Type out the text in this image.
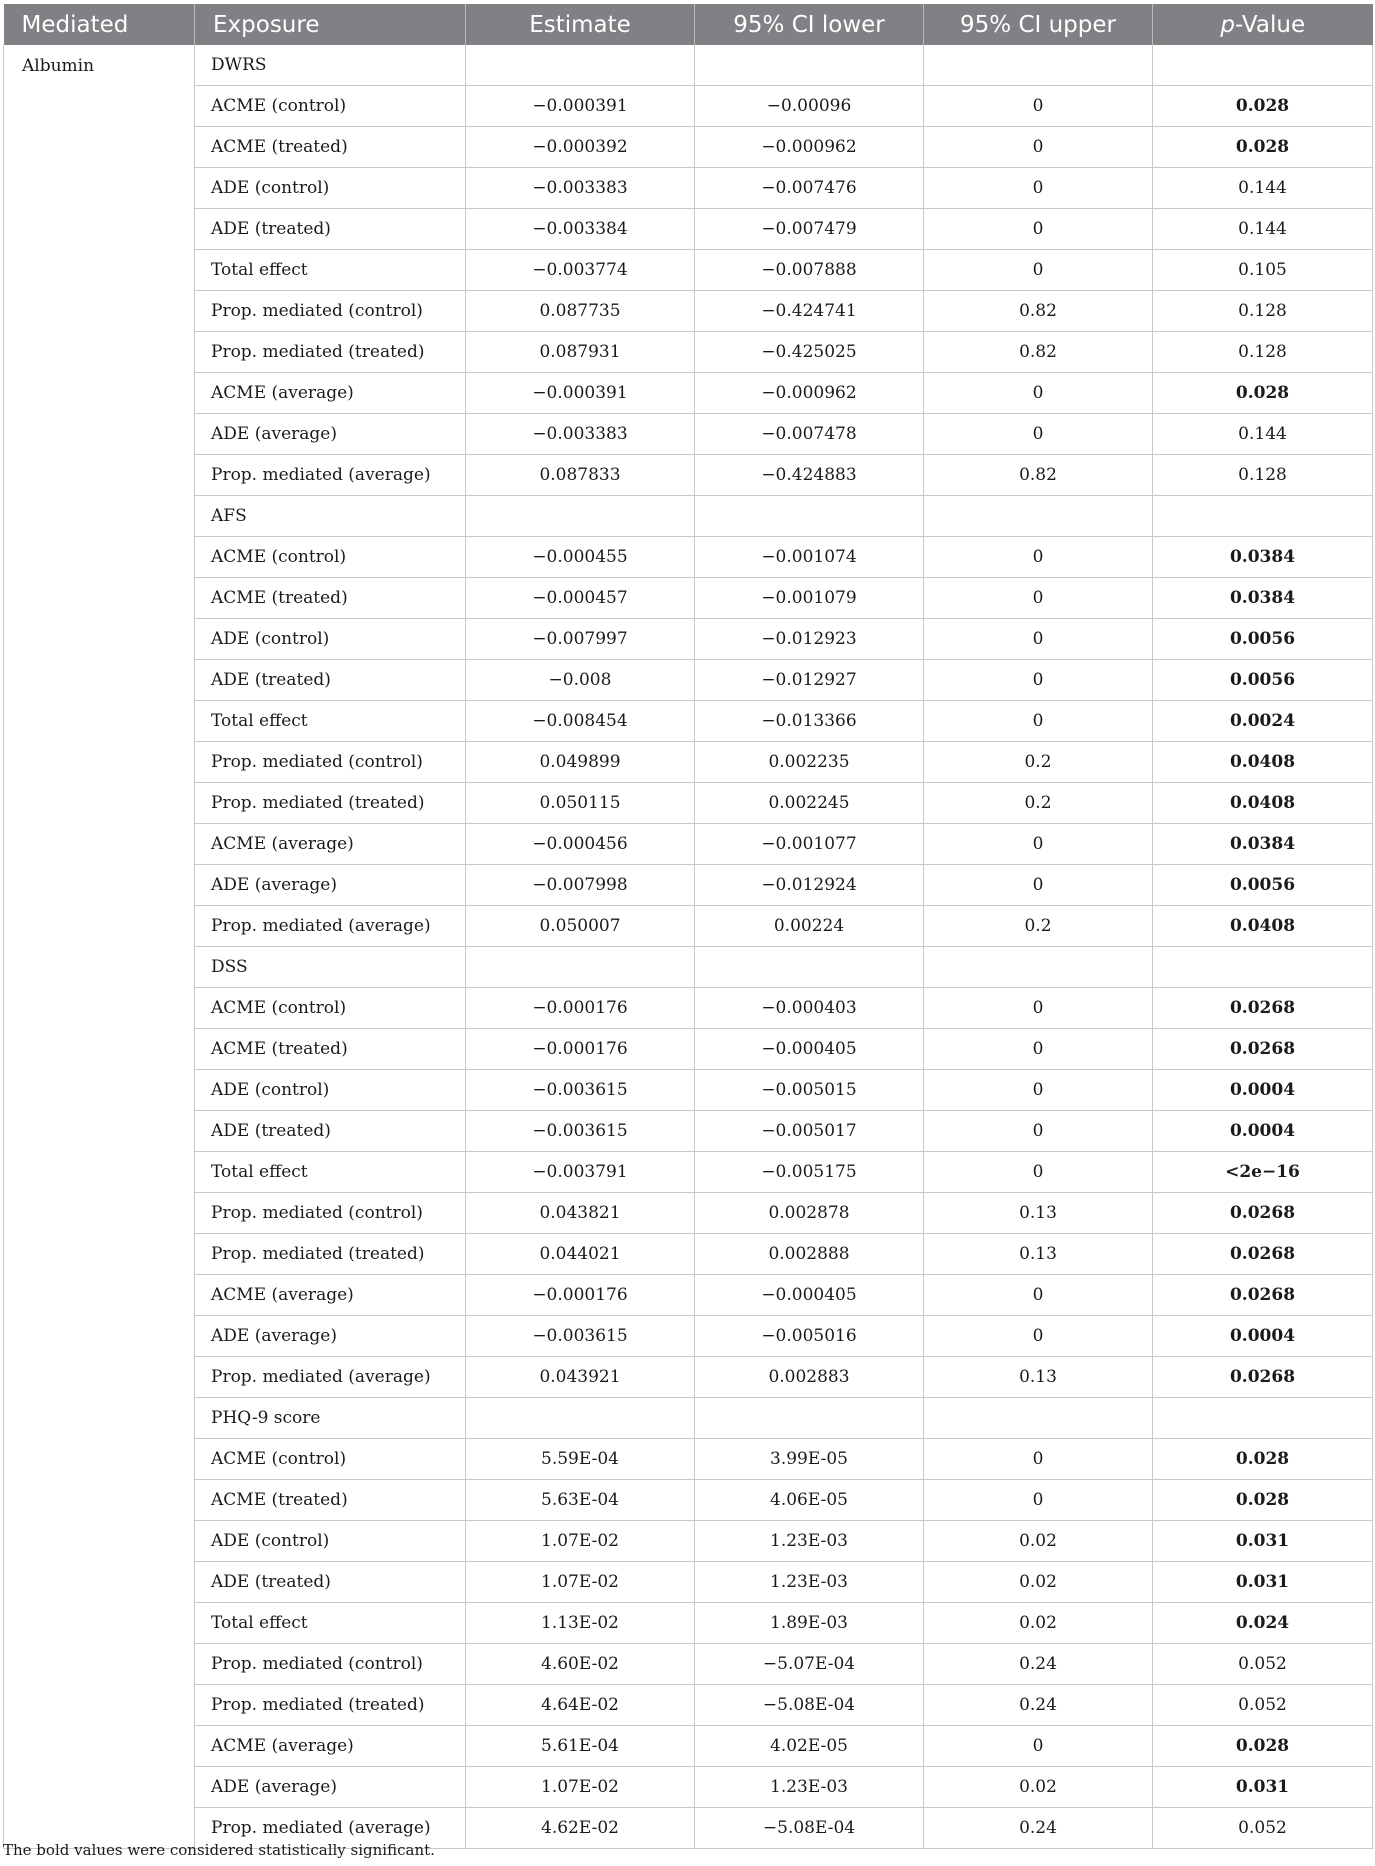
Mediated	Exposure	Estimate	95% CI lower	95% CI upper	p-Value
Albumin	DWRS				
	ACME (control)	−0.000391	−0.00096	0	0.028
	ACME (treated)	−0.000392	−0.000962	0	0.028
	ADE (control)	−0.003383	−0.007476	0	0.144
	ADE (treated)	−0.003384	−0.007479	0	0.144
	Total effect	−0.003774	−0.007888	0	0.105
	Prop. mediated (control)	0.087735	−0.424741	0.82	0.128
	Prop. mediated (treated)	0.087931	−0.425025	0.82	0.128
	ACME (average)	−0.000391	−0.000962	0	0.028
	ADE (average)	−0.003383	−0.007478	0	0.144
	Prop. mediated (average)	0.087833	−0.424883	0.82	0.128
	AFS				
	ACME (control)	−0.000455	−0.001074	0	0.0384
	ACME (treated)	−0.000457	−0.001079	0	0.0384
	ADE (control)	−0.007997	−0.012923	0	0.0056
	ADE (treated)	−0.008	−0.012927	0	0.0056
	Total effect	−0.008454	−0.013366	0	0.0024
	Prop. mediated (control)	0.049899	0.002235	0.2	0.0408
	Prop. mediated (treated)	0.050115	0.002245	0.2	0.0408
	ACME (average)	−0.000456	−0.001077	0	0.0384
	ADE (average)	−0.007998	−0.012924	0	0.0056
	Prop. mediated (average)	0.050007	0.00224	0.2	0.0408
	DSS				
	ACME (control)	−0.000176	−0.000403	0	0.0268
	ACME (treated)	−0.000176	−0.000405	0	0.0268
	ADE (control)	−0.003615	−0.005015	0	0.0004
	ADE (treated)	−0.003615	−0.005017	0	0.0004
	Total effect	−0.003791	−0.005175	0	<2e−16
	Prop. mediated (control)	0.043821	0.002878	0.13	0.0268
	Prop. mediated (treated)	0.044021	0.002888	0.13	0.0268
	ACME (average)	−0.000176	−0.000405	0	0.0268
	ADE (average)	−0.003615	−0.005016	0	0.0004
	Prop. mediated (average)	0.043921	0.002883	0.13	0.0268
	PHQ-9 score				
	ACME (control)	5.59E-04	3.99E-05	0	0.028
	ACME (treated)	5.63E-04	4.06E-05	0	0.028
	ADE (control)	1.07E-02	1.23E-03	0.02	0.031
	ADE (treated)	1.07E-02	1.23E-03	0.02	0.031
	Total effect	1.13E-02	1.89E-03	0.02	0.024
	Prop. mediated (control)	4.60E-02	−5.07E-04	0.24	0.052
	Prop. mediated (treated)	4.64E-02	−5.08E-04	0.24	0.052
	ACME (average)	5.61E-04	4.02E-05	0	0.028
	ADE (average)	1.07E-02	1.23E-03	0.02	0.031
	Prop. mediated (average)	4.62E-02	−5.08E-04	0.24	0.052
The bold values were considered statistically significant.
